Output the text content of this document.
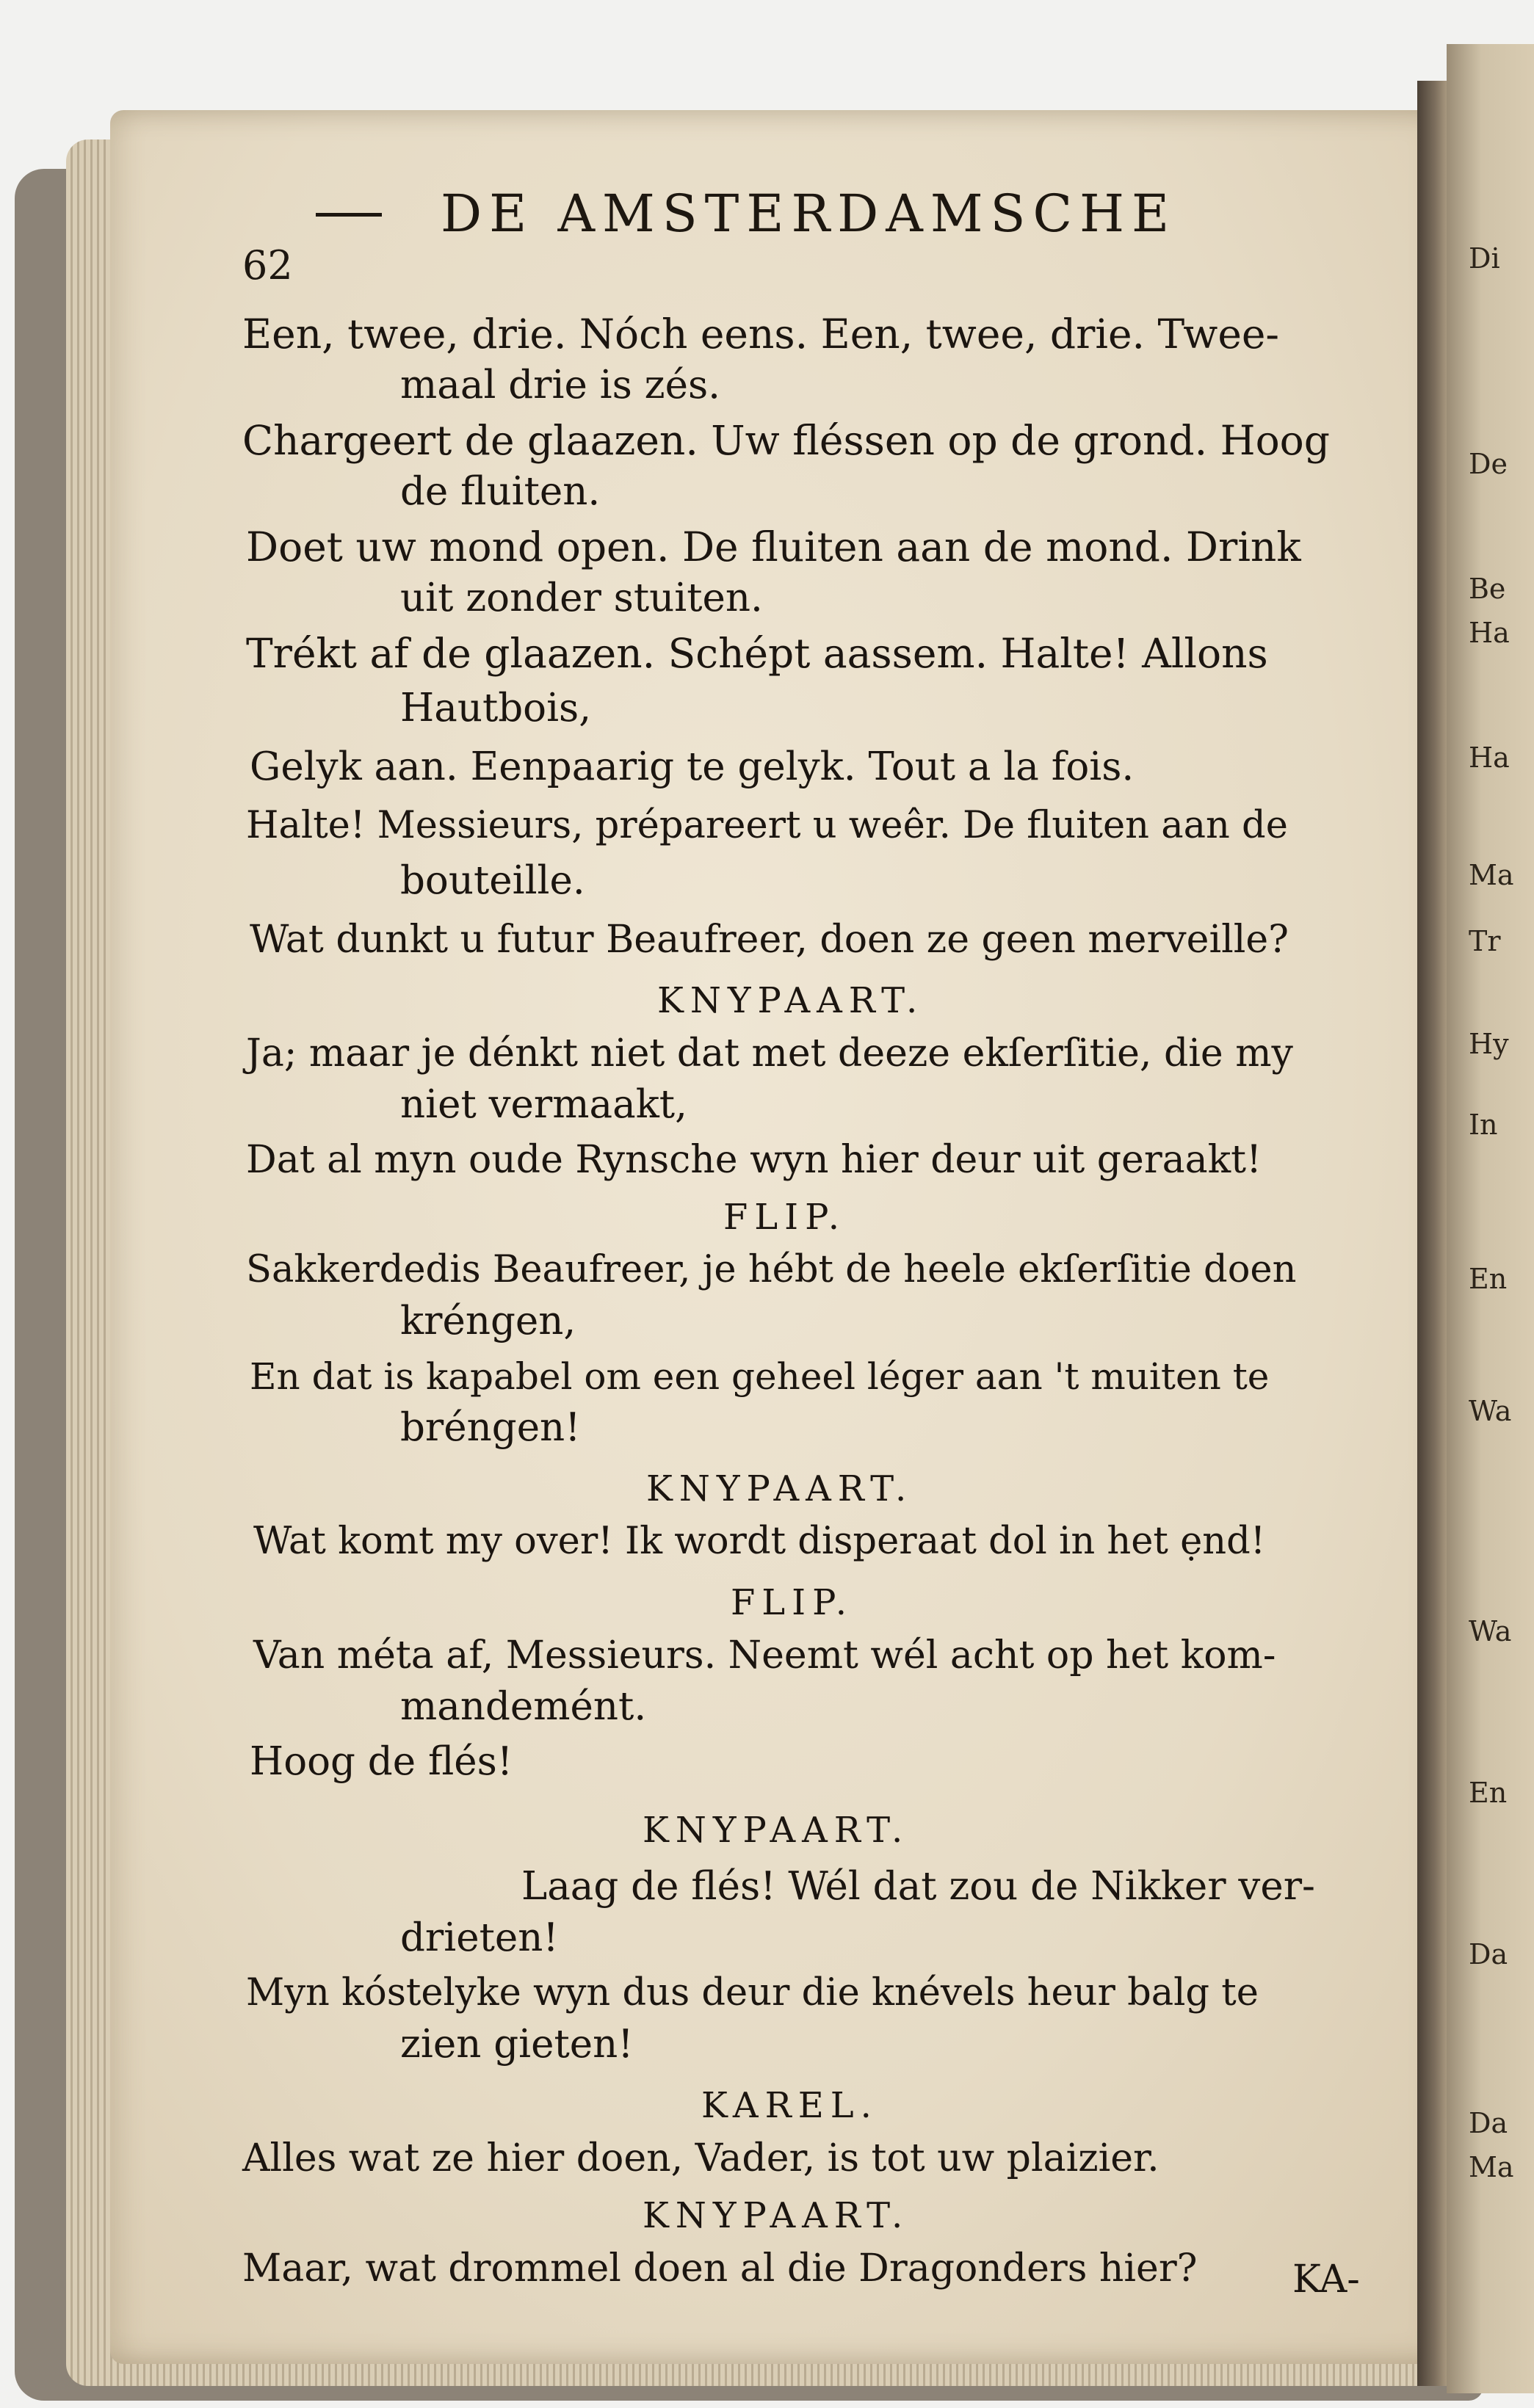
Di
De
Be
Ha
Ha
Ma
Tr
Hy
In
En
Wa
Wa
En
Da
Da
Ma
62
DE AMSTERDAMSCHE
Een, twee, drie. Nóch eens. Een, twee, drie. Twee-
maal drie is zés.
Chargeert de glaazen. Uw fléssen op de grond. Hoog
de fluiten.
Doet uw mond open. De fluiten aan de mond. Drink
uit zonder stuiten.
Trékt af de glaazen. Schépt aassem. Halte! Allons
Hautbois,
Gelyk aan. Eenpaarig te gelyk. Tout a la fois.
Halte! Messieurs, prépareert u weêr. De fluiten aan de
bouteille.
Wat dunkt u futur Beaufreer, doen ze geen merveille?
KNYPAART.
Ja; maar je dénkt niet dat met deeze ekſerſitie, die my
niet vermaakt,
Dat al myn oude Rynsche wyn hier deur uit geraakt!
FLIP.
Sakkerdedis Beaufreer, je hébt de heele ekſerſitie doen
kréngen,
En dat is kapabel om een geheel léger aan 't muiten te
bréngen!
KNYPAART.
Wat komt my over! Ik wordt disperaat dol in het ẹnd!
FLIP.
Van méta af, Messieurs. Neemt wél acht op het kom-
mandemént.
Hoog de flés!
KNYPAART.
Laag de flés! Wél dat zou de Nikker ver-
drieten!
Myn kóstelyke wyn dus deur die knévels heur balg te
zien gieten!
KAREL.
Alles wat ze hier doen, Vader, is tot uw plaizier.
KNYPAART.
Maar, wat drommel doen al die Dragonders hier?	KA-
